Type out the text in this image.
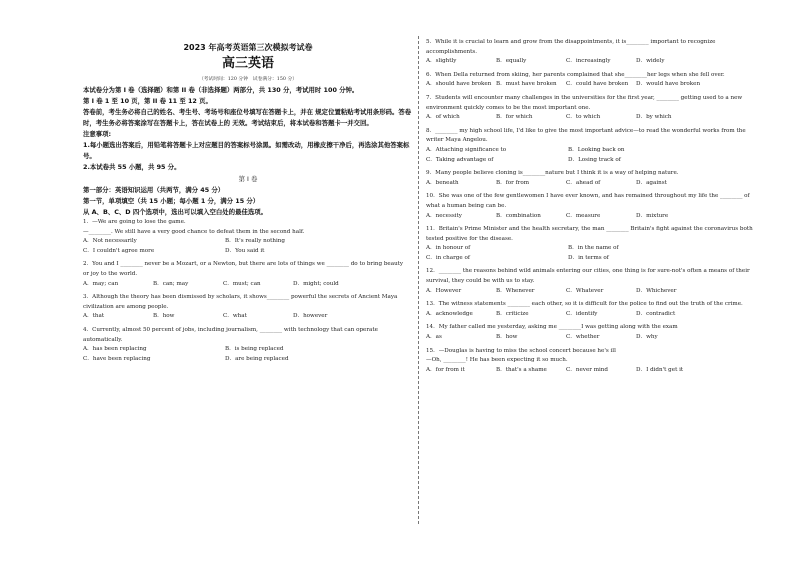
2023 年高考英语第三次模拟考试卷
高三英语
（考试时间：120 分钟　试卷满分：150 分）
本试卷分为第 I 卷（选择题）和第 II 卷（非选择题）两部分，共 130 分，考试用时 100 分钟。
第 I 卷 1 至 10 页，第 II 卷 11 至 12 页。
答卷前，考生务必将自己的姓名、考生号、考场号和座位号填写在答题卡上，并在 规定位置粘贴考试用条形码。答卷时，考生务必将答案涂写在答题卡上，答在试卷上的 无效。考试结束后，将本试卷和答题卡一并交回。
注意事项:
1.每小题选出答案后，用铅笔将答题卡上对应题目的答案标号涂黑。如需改动，用橡皮擦干净后，再选涂其他答案标号。
2.本试卷共 55 小题，共 95 分。
第 I 卷
第一部分：英语知识运用（共两节，满分 45 分）
第一节，单项填空（共 15 小题；每小题 1 分，满分 15 分）
从 A、B、C、D 四个选项中，选出可以填入空白处的最佳选项。
1．—We are going to lose the game.
—________. We still have a very good chance to defeat them in the second half.
A．Not necessarily	B．It's really nothing
C．I couldn't agree more	D．You said it
2．You and I ________ never be a Mozart, or a Newton, but there are lots of things we ________ do to bring beauty
or joy to the world.
A．may; can	B．can; may	C．must; can	D．might; could
3．Although the theory has been dismissed by scholars, it shows________ powerful the secrets of Ancient Maya
civilization are among people.
A．that	B．how	C．what	D．however
4．Currently, almost 50 percent of jobs, including journalism, ________ with technology that can operate
automatically.
A．has been replacing	B．is being replaced
C．have been replacing	D．are being replaced
5．While it is crucial to learn and grow from the disappointments, it is________ important to recognize
accomplishments.
A．slightly	B．equally	C．increasingly	D．widely
6．When Della returned from skiing, her parents complained that she________her legs when she fell over.
A．should have broken B．must have broken	C．could have broken	D．would have broken
7．Students will encounter many challenges in the universities for the first year, ________ getting used to a new
environment quickly comes to be the most important one.
A．of which	B．for which	C．to which	D．by which
8．________ my high school life, I'd like to give the most important advice—to read the wonderful works from the
writer Maya Angelou.
A．Attaching significance to	B．Looking back on
C．Taking advantage of	D．Losing track of
9．Many people believe cloning is________nature but I think it is a way of helping nature.
A．beneath	B．for from	C．ahead of	D．against
10．She was one of the few gentlewomen I have ever known, and has remained throughout my life the ________ of
what a human being can be.
A．necessity	B．combination	C．measure	D．mixture
11．Britain's Prime Minister and the health secretary, the man ________ Britain's fight against the coronavirus both
tested positive for the disease.
A．in honour of	B．in the name of
C．in charge of	D．in terms of
12．________ the reasons behind wild animals entering our cities, one thing is for sure-not's often a means of their
survival, they could be with us to stay.
A．However	B．Whenever	C．Whatever	D．Whichever
13．The witness statements ________ each other, so it is difficult for the police to find out the truth of the crime.
A．acknowledge	B．criticize	C．identify	D．contradict
14．My father called me yesterday, asking me ________I was getting along with the exam
A．as	B．how	C．whether	D．why
15．—Douglas is having to miss the school concert because he's ill
—Oh, ________! He has been expecting it so much.
A．for from it	B．that's a shame	C．never mind	D．I didn't get it
